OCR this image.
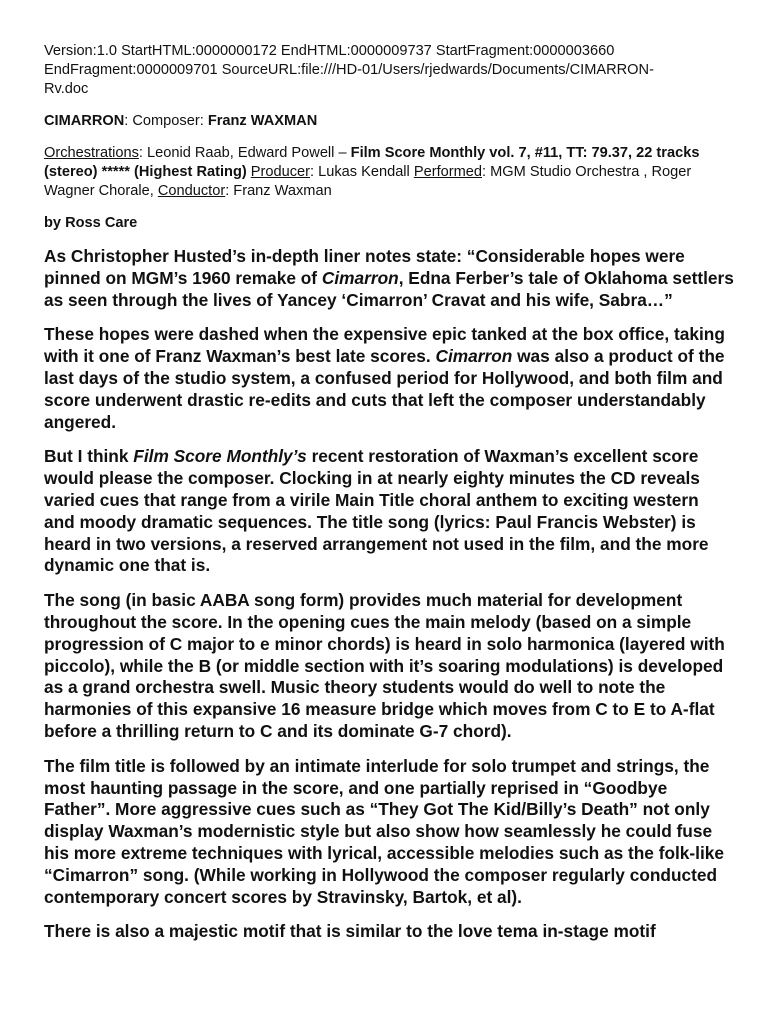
Version:1.0 StartHTML:0000000172 EndHTML:0000009737 StartFragment:0000003660
EndFragment:0000009701 SourceURL:file:///HD-01/Users/rjedwards/Documents/CIMARRON-
Rv.doc

CIMARRON: Composer: Franz WAXMAN

Orchestrations: Leonid Raab, Edward Powell – Film Score Monthly vol. 7, #11, TT: 79.37, 22 tracks (stereo) ***** (Highest Rating) Producer: Lukas Kendall Performed: MGM Studio Orchestra , Roger Wagner Chorale, Conductor: Franz Waxman

by Ross Care

As Christopher Husted’s in-depth liner notes state: “Considerable hopes were pinned on MGM’s 1960 remake of Cimarron, Edna Ferber’s tale of Oklahoma settlers as seen through the lives of Yancey ‘Cimarron’ Cravat and his wife, Sabra…”

These hopes were dashed when the expensive epic tanked at the box office, taking with it one of Franz Waxman’s best late scores. Cimarron was also a product of the last days of the studio system, a confused period for Hollywood, and both film and score underwent drastic re-edits and cuts that left the composer understandably angered.

But I think Film Score Monthly’s recent restoration of Waxman’s excellent score would please the composer. Clocking in at nearly eighty minutes the CD reveals varied cues that range from a virile Main Title choral anthem to exciting western and moody dramatic sequences. The title song (lyrics: Paul Francis Webster) is heard in two versions, a reserved arrangement not used in the film, and the more dynamic one that is.

The song (in basic AABA song form) provides much material for development throughout the score. In the opening cues the main melody (based on a simple progression of C major to e minor chords) is heard in solo harmonica (layered with piccolo), while the B (or middle section with it’s soaring modulations) is developed as a grand orchestra swell. Music theory students would do well to note the harmonies of this expansive 16 measure bridge which moves from C to E to A-flat before a thrilling return to C and its dominate G-7 chord).

The film title is followed by an intimate interlude for solo trumpet and strings, the most haunting passage in the score, and one partially reprised in “Goodbye Father”. More aggressive cues such as “They Got The Kid/Billy’s Death” not only display Waxman’s modernistic style but also show how seamlessly he could fuse his more extreme techniques with lyrical, accessible melodies such as the folk-like “Cimarron” song. (While working in Hollywood the composer regularly conducted contemporary concert scores by Stravinsky, Bartok, et al).

There is also a majestic motif that is similar to the love tema in-stage motif
